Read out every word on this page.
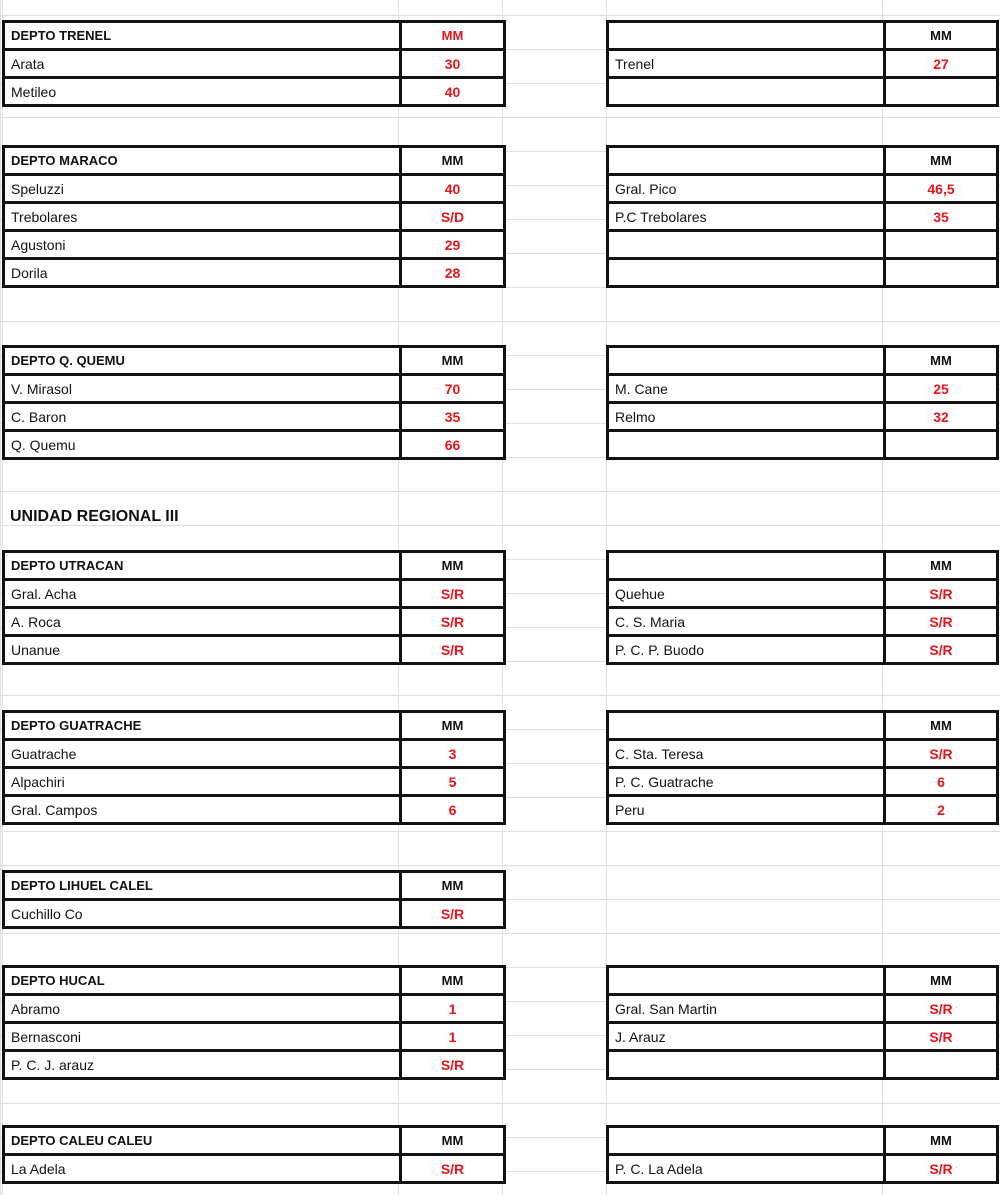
UNIDAD REGIONAL III
DEPTO TRENEL	MM
Arata	30
Metileo	40
	MM
Trenel	27

DEPTO MARACO	MM
Speluzzi	40
Trebolares	S/D
Agustoni	29
Dorila	28
	MM
Gral. Pico	46,5
P.C Trebolares	35

DEPTO Q. QUEMU	MM
V. Mirasol	70
C. Baron	35
Q. Quemu	66
	MM
M. Cane	25
Relmo	32

DEPTO UTRACAN	MM
Gral. Acha	S/R
A. Roca	S/R
Unanue	S/R
	MM
Quehue	S/R
C. S. Maria	S/R
P. C. P. Buodo	S/R
DEPTO GUATRACHE	MM
Guatrache	3
Alpachiri	5
Gral. Campos	6
	MM
C. Sta. Teresa	S/R
P. C. Guatrache	6
Peru	2
DEPTO LIHUEL CALEL	MM
Cuchillo Co	S/R
DEPTO HUCAL	MM
Abramo	1
Bernasconi	1
P. C. J. arauz	S/R
	MM
Gral. San Martin	S/R
J. Arauz	S/R

DEPTO CALEU CALEU	MM
La Adela	S/R
	MM
P. C. La Adela	S/R
